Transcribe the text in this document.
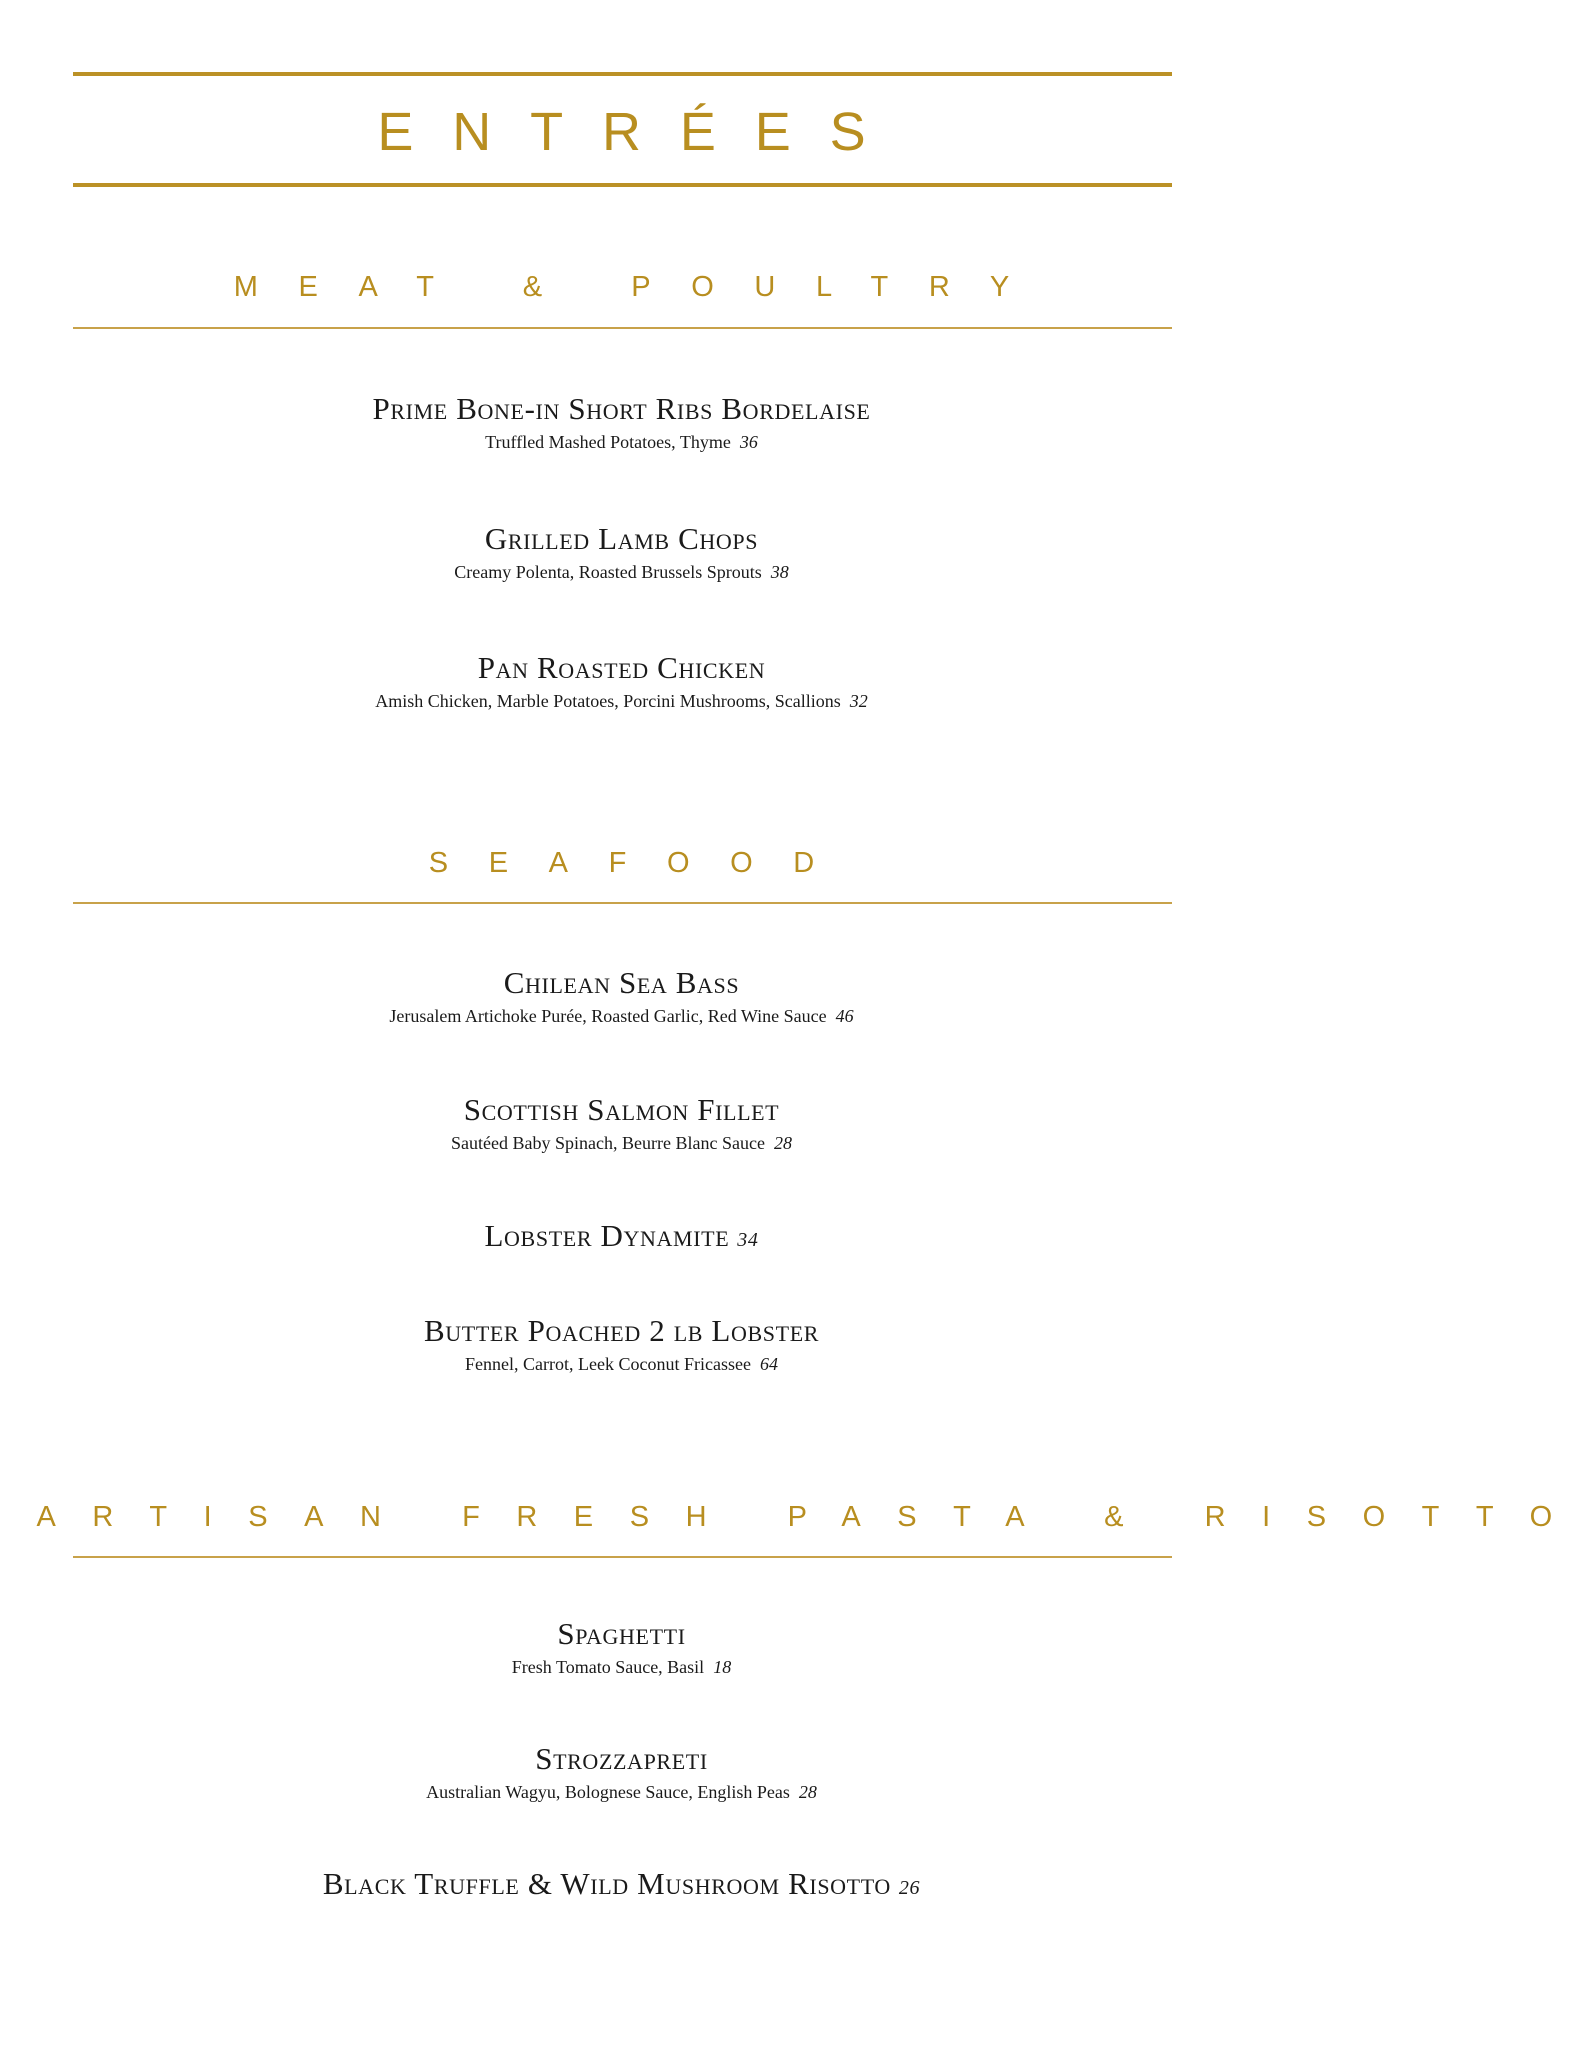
ENTRÉES
MEAT & POULTRY
Prime Bone-in Short Ribs Bordelaise
Truffled Mashed Potatoes, Thyme 36
Grilled Lamb Chops
Creamy Polenta, Roasted Brussels Sprouts 38
Pan Roasted Chicken
Amish Chicken, Marble Potatoes, Porcini Mushrooms, Scallions 32
SEAFOOD
Chilean Sea Bass
Jerusalem Artichoke Purée, Roasted Garlic, Red Wine Sauce 46
Scottish Salmon Fillet
Sautéed Baby Spinach, Beurre Blanc Sauce 28
Lobster Dynamite 34
Butter Poached 2 lb Lobster
Fennel, Carrot, Leek Coconut Fricassee 64
ARTISAN FRESH PASTA & RISOTTO
Spaghetti
Fresh Tomato Sauce, Basil 18
Strozzapreti
Australian Wagyu, Bolognese Sauce, English Peas 28
Black Truffle & Wild Mushroom Risotto 26
